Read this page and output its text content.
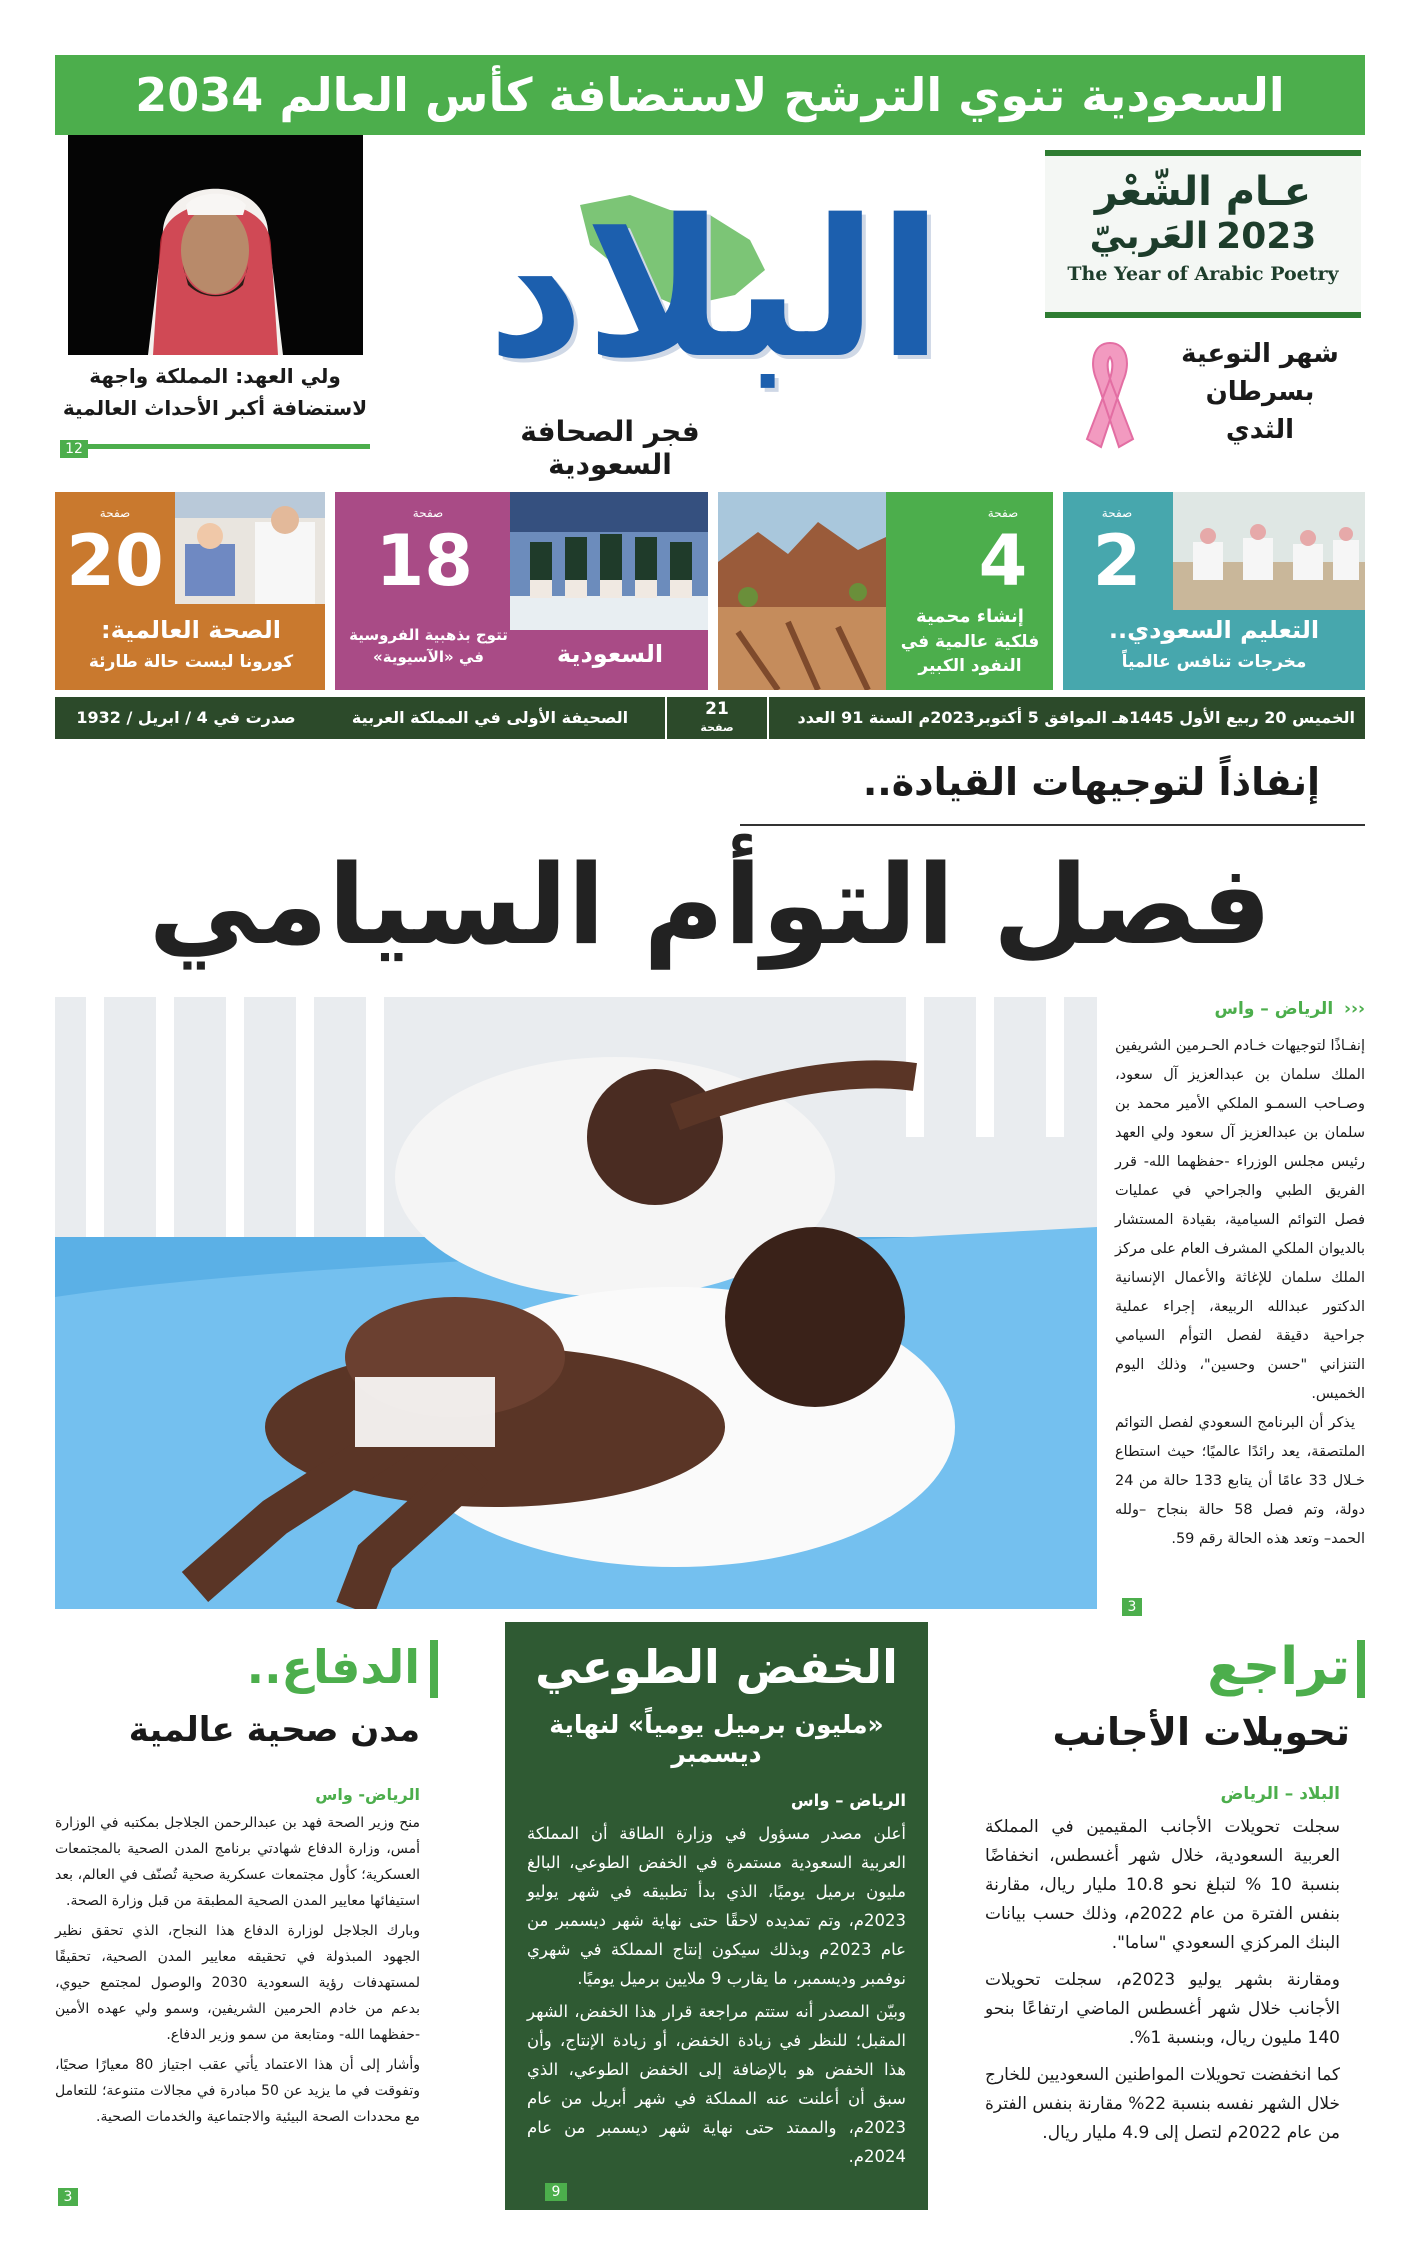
السعودية تنوي الترشح لاستضافة كأس العالم 2034
عـام الشّعْر
2023
العَربيّ
The Year of Arabic Poetry
شهر التوعية
بسرطان
الثدي
البلاد
فجر الصحافة السعودية
ولي العهد: المملكة واجهة
لاستضافة أكبر الأحداث العالمية
12
صفحة
2
التعليم السعودي..
مخرجات تنافس عالمياً
صفحة
4
إنشاء محمية
فلكية عالمية في النفود الكبير
صفحة
18
السعودية
تتوج بذهبية الفروسية في «الآسيوية»
صفحة
20
الصحة العالمية:
كورونا ليست حالة طارئة
الخميس 20 ربيع الأول 1445هـ الموافق 5 أكتوبر2023م السنة 91 العدد 23997
21
صفحة
الصحيفة الأولى في المملكة العربية السعودية
صدرت في 4 / ابريل / 1932
إنفاذاً لتوجيهات القيادة..
فصل التوأم السيامي
‹‹‹  الرياض – واس
إنفـاذًا لتوجيهات خـادم الحـرمين الشريفين الملك سلمان بن عبدالعزيز آل سعود، وصـاحب السمـو الملكي الأمير محمد بن سلمان بن عبدالعزيز آل سعود ولي العهد رئيس مجلس الوزراء -حفظهما الله- قرر الفريق الطبي والجراحي في عمليات فصل التوائم السيامية، بقيادة المستشار بالديوان الملكي المشرف العام على مركز الملك سلمان للإغاثة والأعمال الإنسانية الدكتور عبدالله الربيعة، إجراء عملية جراحية دقيقة لفصل التوأم السيامي التنزاني "حسن وحسين"، وذلك اليوم الخميس.
يذكر أن البرنامج السعودي لفصل التوائم الملتصقة، يعد رائدًا عالميًا؛ حيث استطاع خـلال 33 عامًا أن يتابع 133 حالة من 24 دولة، وتم فصل 58 حالة بنجاح –ولله الحمد– وتعد هذه الحالة رقم 59.
3
تراجع
تحويلات الأجانب
البلاد – الرياض
سجلت تحويلات الأجانب المقيمين في المملكة العربية السعودية، خلال شهر أغسطس، انخفاضًا بنسبة 10 % لتبلغ نحو 10.8 مليار ريال، مقارنة بنفس الفترة من عام 2022م، وذلك حسب بيانات البنك المركزي السعودي "ساما".
ومقارنة بشهر يوليو 2023م، سجلت تحويلات الأجانب خلال شهر أغسطس الماضي ارتفاعًا بنحو 140 مليون ريال، وبنسبة 1%.
كما انخفضت تحويلات المواطنين السعوديين للخارج خلال الشهر نفسه بنسبة 22% مقارنة بنفس الفترة من عام 2022م لتصل إلى 4.9 مليار ريال.
الخفض الطوعي
«مليون برميل يومياً» لنهاية ديسمبر
الرياض – واس
أعلن مصدر مسؤول في وزارة الطاقة أن المملكة العربية السعودية مستمرة في الخفض الطوعي، البالغ مليون برميل يوميًا، الذي بدأ تطبيقه في شهر يوليو 2023م، وتم تمديده لاحقًا حتى نهاية شهر ديسمبر من عام 2023م وبذلك سيكون إنتاج المملكة في شهري نوفمبر وديسمبر، ما يقارب 9 ملايين برميل يوميًا.
وبيّن المصدر أنه ستتم مراجعة قرار هذا الخفض، الشهر المقبل؛ للنظر في زيادة الخفض، أو زيادة الإنتاج، وأن هذا الخفض هو بالإضافة إلى الخفض الطوعي، الذي سبق أن أعلنت عنه المملكة في شهر أبريل من عام 2023م، والممتد حتى نهاية شهر ديسمبر من عام 2024م.
9
الدفاع..
مدن صحية عالمية
الرياض- واس
منح وزير الصحة فهد بن عبدالرحمن الجلاجل بمكتبه في الوزارة أمس، وزارة الدفاع شهادتي برنامج المدن الصحية بالمجتمعات العسكرية؛ كأول مجتمعات عسكرية صحية تُصنّف في العالم، بعد استيفائها معايير المدن الصحية المطبقة من قبل وزارة الصحة.
وبارك الجلاجل لوزارة الدفاع هذا النجاح، الذي تحقق نظير الجهود المبذولة في تحقيقه معايير المدن الصحية، تحقيقًا لمستهدفات رؤية السعودية 2030 والوصول لمجتمع حيوي، بدعم من خادم الحرمين الشريفين، وسمو ولي عهده الأمين -حفظهما الله- ومتابعة من سمو وزير الدفاع.
وأشار إلى أن هذا الاعتماد يأتي عقب اجتياز 80 معيارًا صحيًا، وتفوقت في ما يزيد عن 50 مبادرة في مجالات متنوعة؛ للتعامل مع محددات الصحة البيئية والاجتماعية والخدمات الصحية.
3
